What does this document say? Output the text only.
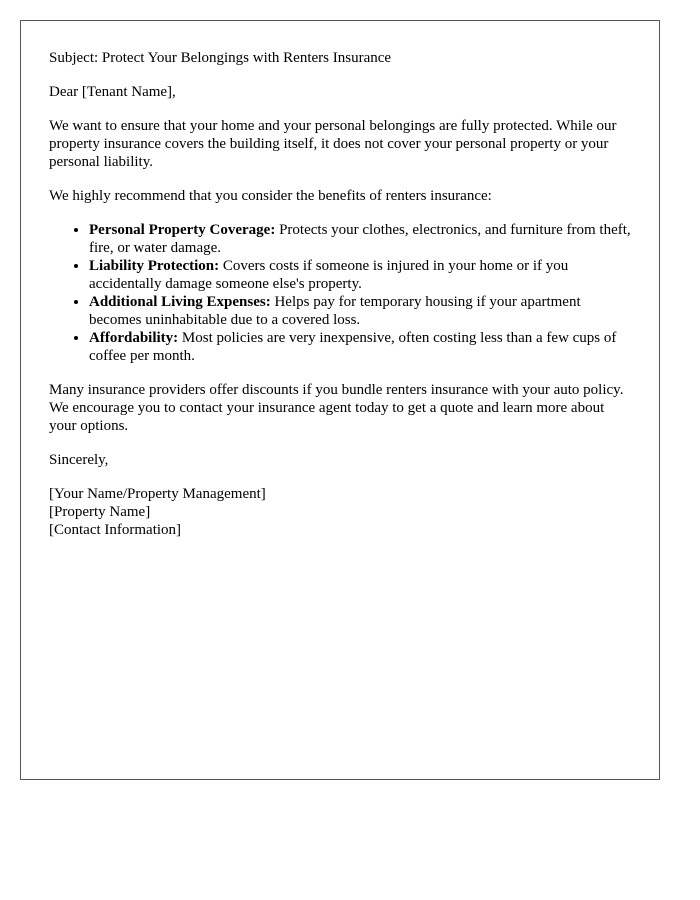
Subject: Protect Your Belongings with Renters Insurance

Dear [Tenant Name],

We want to ensure that your home and your personal belongings are fully protected. While our property insurance covers the building itself, it does not cover your personal property or your personal liability.

We highly recommend that you consider the benefits of renters insurance:

• Personal Property Coverage: Protects your clothes, electronics, and furniture from theft, fire, or water damage.
• Liability Protection: Covers costs if someone is injured in your home or if you accidentally damage someone else's property.
• Additional Living Expenses: Helps pay for temporary housing if your apartment becomes uninhabitable due to a covered loss.
• Affordability: Most policies are very inexpensive, often costing less than a few cups of coffee per month.

Many insurance providers offer discounts if you bundle renters insurance with your auto policy. We encourage you to contact your insurance agent today to get a quote and learn more about your options.

Sincerely,

[Your Name/Property Management]
[Property Name]
[Contact Information]
